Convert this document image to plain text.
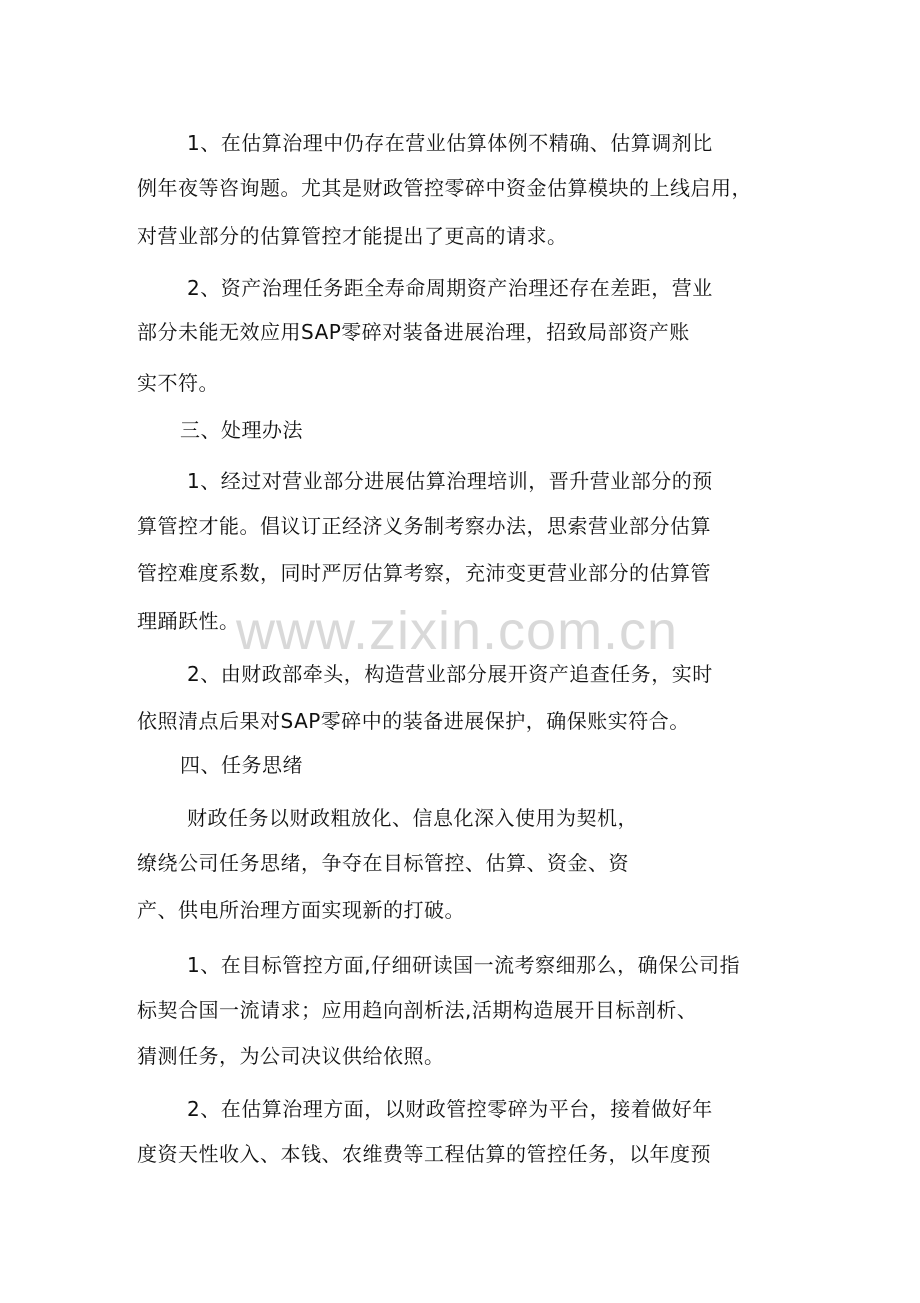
1、在估算治理中仍存在营业估算体例不精确、估算调剂比
例年夜等咨询题。尤其是财政管控零碎中资金估算模块的上线启用，
对营业部分的估算管控才能提出了更高的请求。
2、资产治理任务距全寿命周期资产治理还存在差距，营业
部分未能无效应用SAP零碎对装备进展治理，招致局部资产账
实不符。
三、处理办法
1、经过对营业部分进展估算治理培训，晋升营业部分的预
算管控才能。倡议订正经济义务制考察办法，思索营业部分估算
管控难度系数，同时严厉估算考察，充沛变更营业部分的估算管
理踊跃性。
2、由财政部牵头，构造营业部分展开资产追查任务，实时
依照清点后果对SAP零碎中的装备进展保护，确保账实符合。
四、任务思绪
财政任务以财政粗放化、信息化深入使用为契机，
缭绕公司任务思绪，争夺在目标管控、估算、资金、资
产、供电所治理方面实现新的打破。
1、在目标管控方面,仔细研读国一流考察细那么，确保公司指
标契合国一流请求；应用趋向剖析法,活期构造展开目标剖析、
猜测任务，为公司决议供给依照。
2、在估算治理方面，以财政管控零碎为平台，接着做好年
度资天性收入、本钱、农维费等工程估算的管控任务，以年度预
www.zixin.com.cn
